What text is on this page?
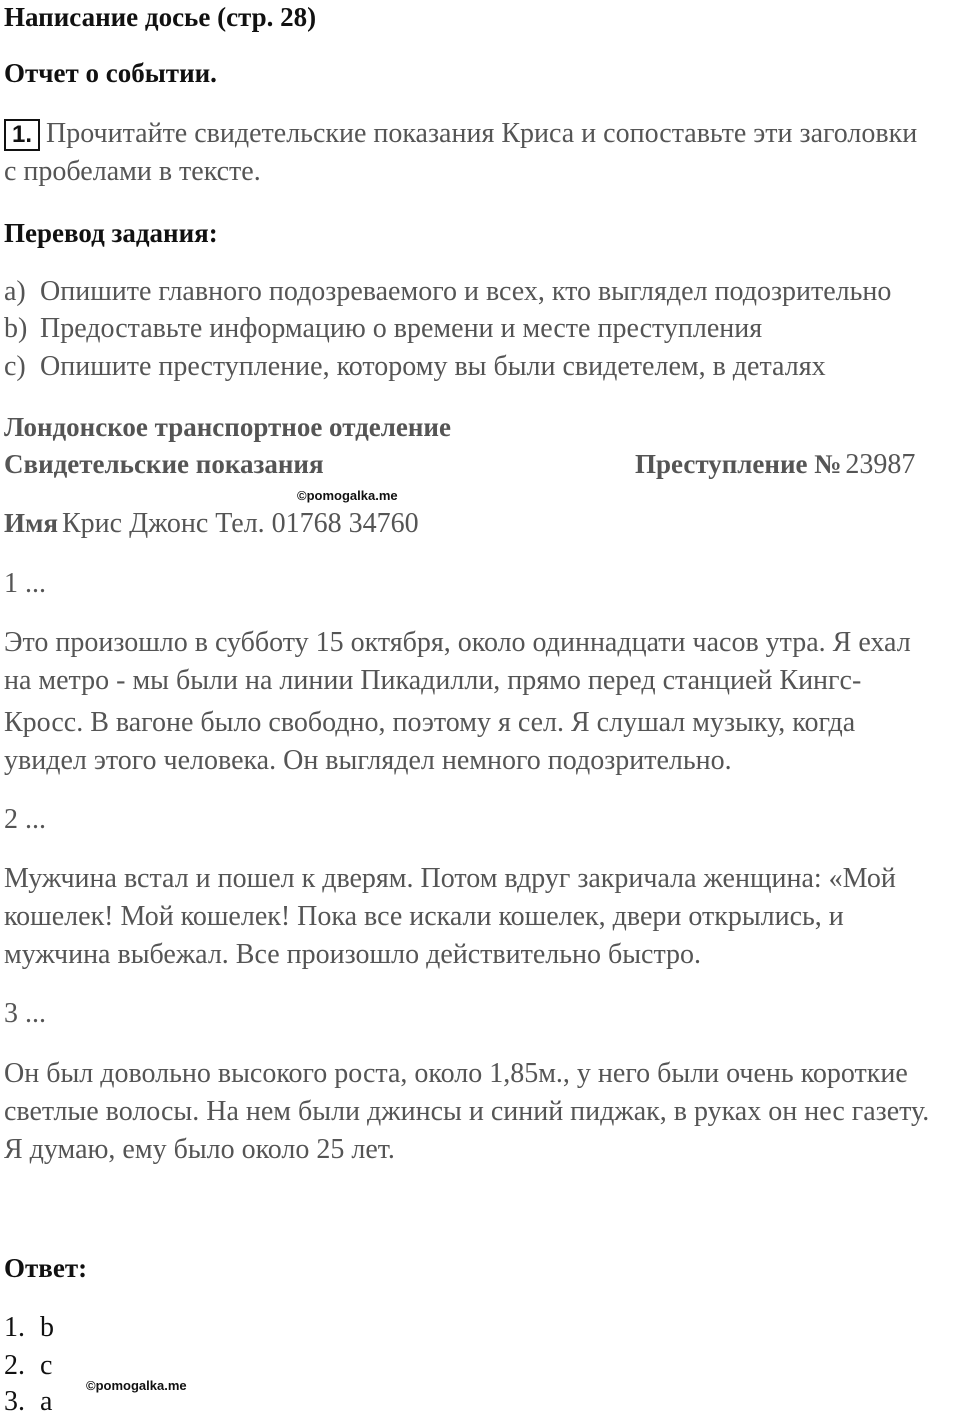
Написание досье (стр. 28)
Отчет о событии.
1. Прочитайте свидетельские показания Криса и сопоставьте эти заголовки
с пробелами в тексте.
Перевод задания:
a) Опишите главного подозреваемого и всех, кто выглядел подозрительно
b) Предоставьте информацию о времени и месте преступления
c) Опишите преступление, которому вы были свидетелем, в деталях
Лондонское транспортное отделение
Свидетельские показания	Преступление № 23987
©pomogalka.me
Имя Крис Джонс Тел. 01768 34760
1 ...
Это произошло в субботу 15 октября, около одиннадцати часов утра. Я ехал
на метро - мы были на линии Пикадилли, прямо перед станцией Кингс-
Кросс. В вагоне было свободно, поэтому я сел. Я слушал музыку, когда
увидел этого человека. Он выглядел немного подозрительно.
2 ...
Мужчина встал и пошел к дверям. Потом вдруг закричала женщина: «Мой
кошелек! Мой кошелек! Пока все искали кошелек, двери открылись, и
мужчина выбежал. Все произошло действительно быстро.
3 ...
Он был довольно высокого роста, около 1,85м., у него были очень короткие
светлые волосы. На нем были джинсы и синий пиджак, в руках он нес газету.
Я думаю, ему было около 25 лет.
Ответ:
1. b
2. c
3. a
©pomogalka.me
